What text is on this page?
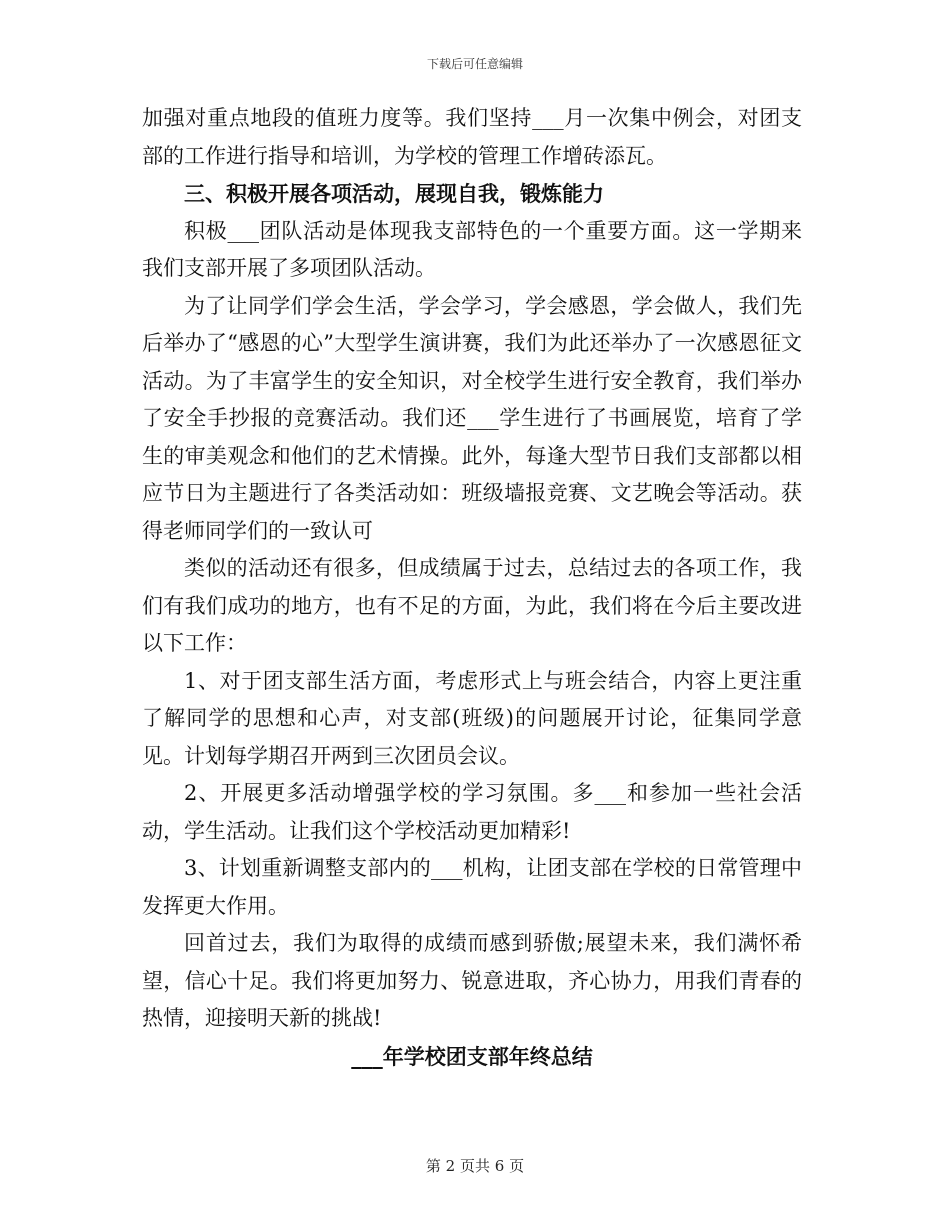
下载后可任意编辑

加强对重点地段的值班力度等。我们坚持___月一次集中例会，对团支部的工作进行指导和培训，为学校的管理工作增砖添瓦。

三、积极开展各项活动，展现自我，锻炼能力

积极___团队活动是体现我支部特色的一个重要方面。这一学期来我们支部开展了多项团队活动。

为了让同学们学会生活，学会学习，学会感恩，学会做人，我们先后举办了“感恩的心”大型学生演讲赛，我们为此还举办了一次感恩征文活动。为了丰富学生的安全知识，对全校学生进行安全教育，我们举办了安全手抄报的竞赛活动。我们还___学生进行了书画展览，培育了学生的审美观念和他们的艺术情操。此外，每逢大型节日我们支部都以相应节日为主题进行了各类活动如：班级墙报竞赛、文艺晚会等活动。获得老师同学们的一致认可

类似的活动还有很多，但成绩属于过去，总结过去的各项工作，我们有我们成功的地方，也有不足的方面，为此，我们将在今后主要改进以下工作：

1、对于团支部生活方面，考虑形式上与班会结合，内容上更注重了解同学的思想和心声，对支部(班级)的问题展开讨论，征集同学意见。计划每学期召开两到三次团员会议。

2、开展更多活动增强学校的学习氛围。多___和参加一些社会活动，学生活动。让我们这个学校活动更加精彩!

3、计划重新调整支部内的___机构，让团支部在学校的日常管理中发挥更大作用。

回首过去，我们为取得的成绩而感到骄傲;展望未来，我们满怀希望，信心十足。我们将更加努力、锐意进取，齐心协力，用我们青春的热情，迎接明天新的挑战!

___年学校团支部年终总结

第 2 页共 6 页
